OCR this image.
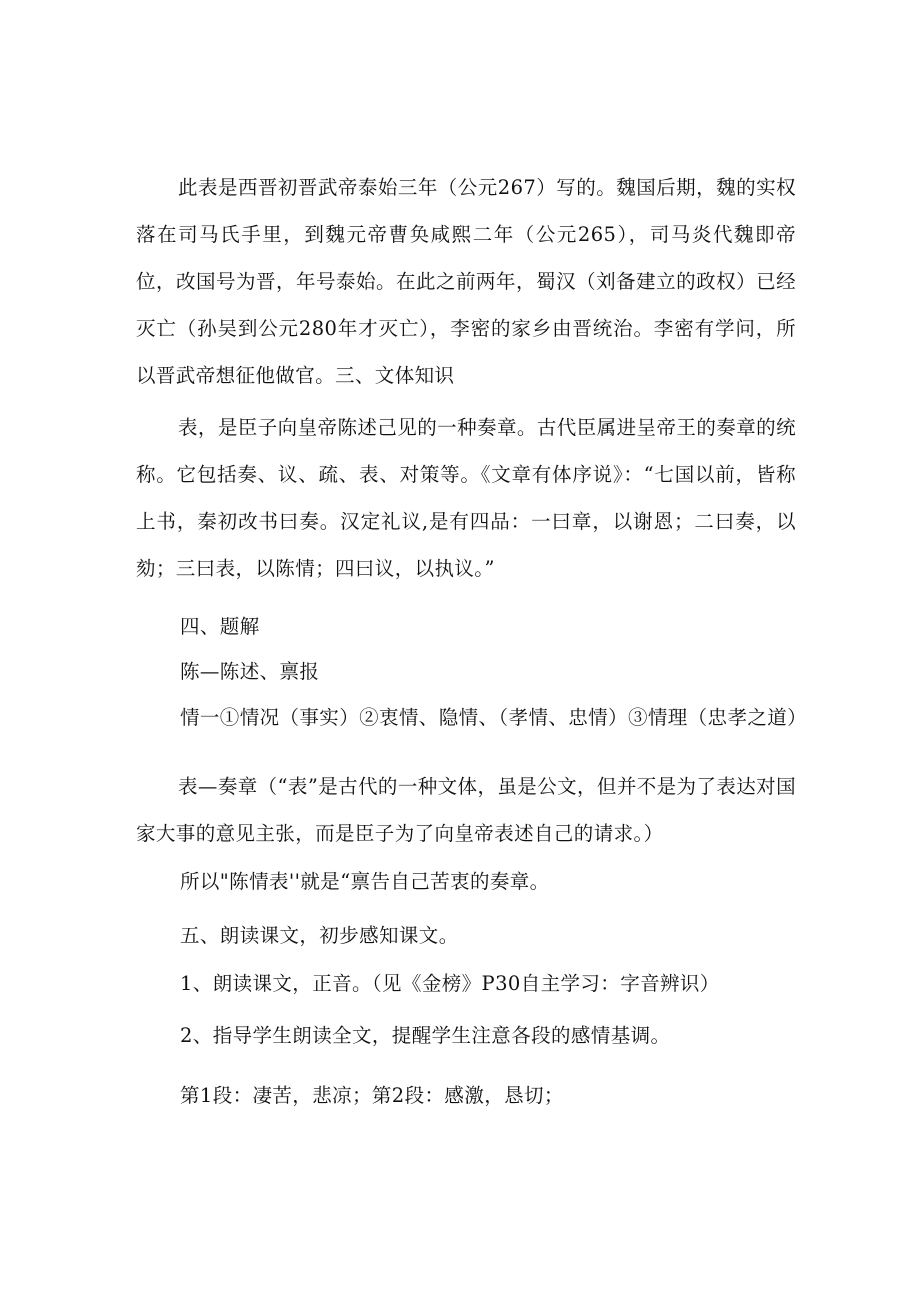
此表是西晋初晋武帝泰始三年（公元267）写的。魏国后期，魏的实权落在司马氏手里，到魏元帝曹奂咸熙二年（公元265），司马炎代魏即帝位，改国号为晋，年号泰始。在此之前两年，蜀汉（刘备建立的政权）已经灭亡（孙吴到公元280年才灭亡），李密的家乡由晋统治。李密有学问，所以晋武帝想征他做官。三、文体知识

表，是臣子向皇帝陈述己见的一种奏章。古代臣属进呈帝王的奏章的统称。它包括奏、议、疏、表、对策等。《文章有体序说》：“七国以前，皆称上书，秦初改书曰奏。汉定礼议,是有四品：一曰章，以谢恩；二曰奏，以劾；三曰表，以陈情；四曰议，以执议。”

四、题解

陈—陈述、禀报

情一①情况（事实）②衷情、隐情、（孝情、忠情）③情理（忠孝之道）

表—奏章（“表”是古代的一种文体，虽是公文，但并不是为了表达对国家大事的意见主张，而是臣子为了向皇帝表述自己的请求。）

所以"陈情表''就是“禀告自己苦衷的奏章。

五、朗读课文，初步感知课文。

1、朗读课文，正音。（见《金榜》P30自主学习：字音辨识）

2、指导学生朗读全文，提醒学生注意各段的感情基调。

第1段：凄苦，悲凉；第2段：感激，恳切；
